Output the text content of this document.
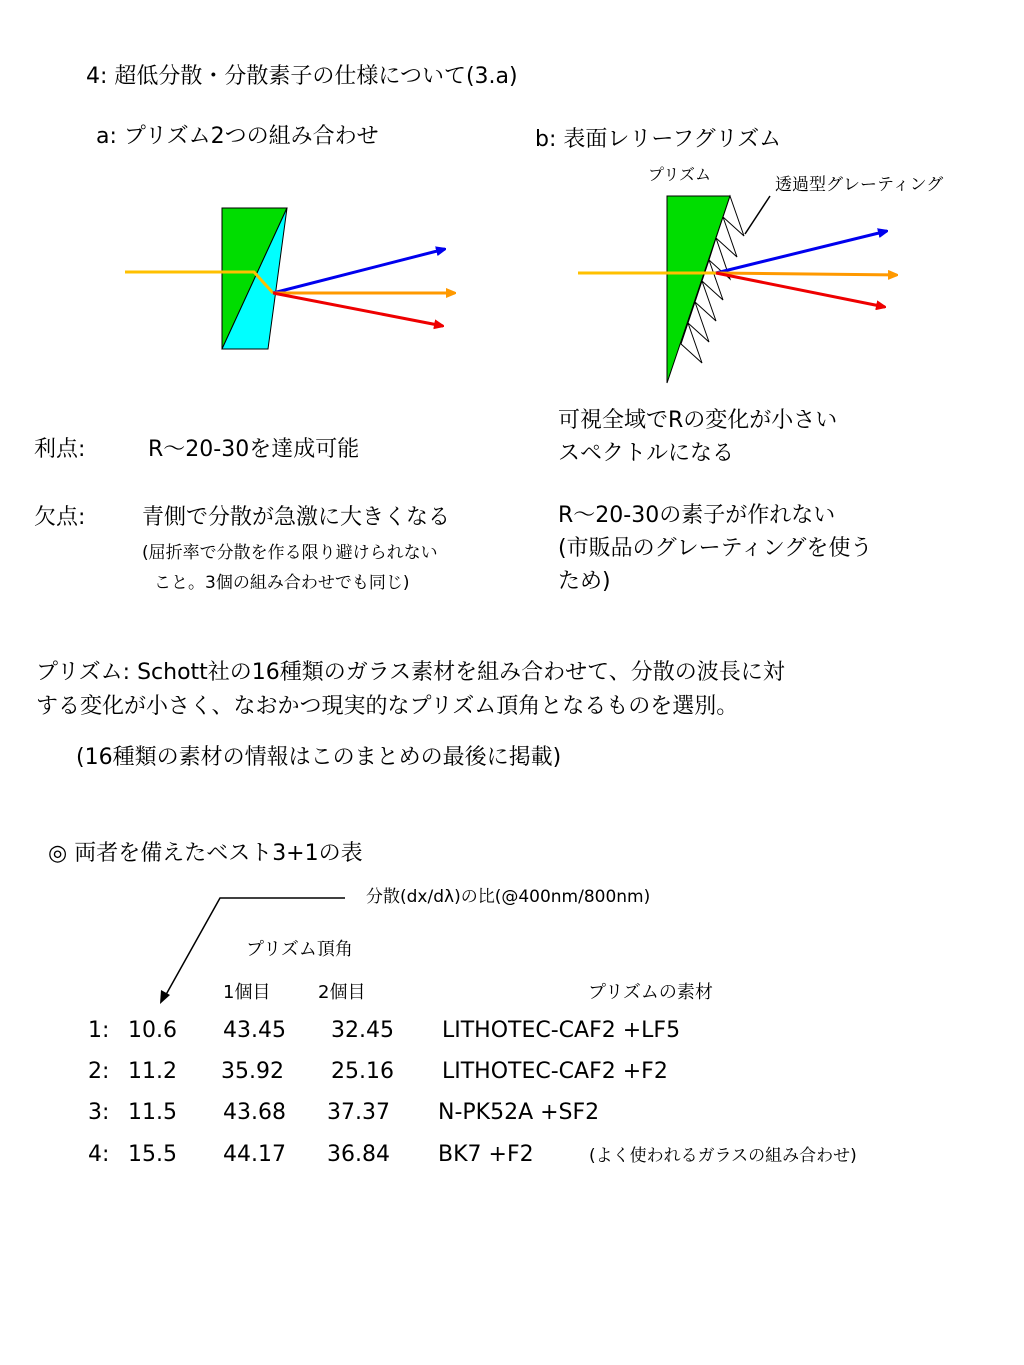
4: 超低分散・分散素子の仕様について(3.a)
a: プリズム2つの組み合わせ	b: 表面レリーフグリズム
プリズム
透過型グレーティング
利点:	R～20-30を達成可能
欠点:	青側で分散が急激に大きくなる
(屈折率で分散を作る限り避けられない
こと。3個の組み合わせでも同じ)
可視全域でRの変化が小さい
スペクトルになる
R～20-30の素子が作れない
(市販品のグレーティングを使う
ため)
プリズム: Schott社の16種類のガラス素材を組み合わせて、分散の波長に対
する変化が小さく、なおかつ現実的なプリズム頂角となるものを選別。
(16種類の素材の情報はこのまとめの最後に掲載)
◎ 両者を備えたベスト3+1の表
分散(dx/dλ)の比(@400nm/800nm)
プリズム頂角
1個目	2個目	プリズムの素材
1: 10.6 43.45 32.45 LITHOTEC-CAF2 +LF5
2: 11.2 35.92 25.16 LITHOTEC-CAF2 +F2
3: 11.5 43.68 37.37 N-PK52A +SF2
4: 15.5 44.17 36.84 BK7 +F2	(よく使われるガラスの組み合わせ)
